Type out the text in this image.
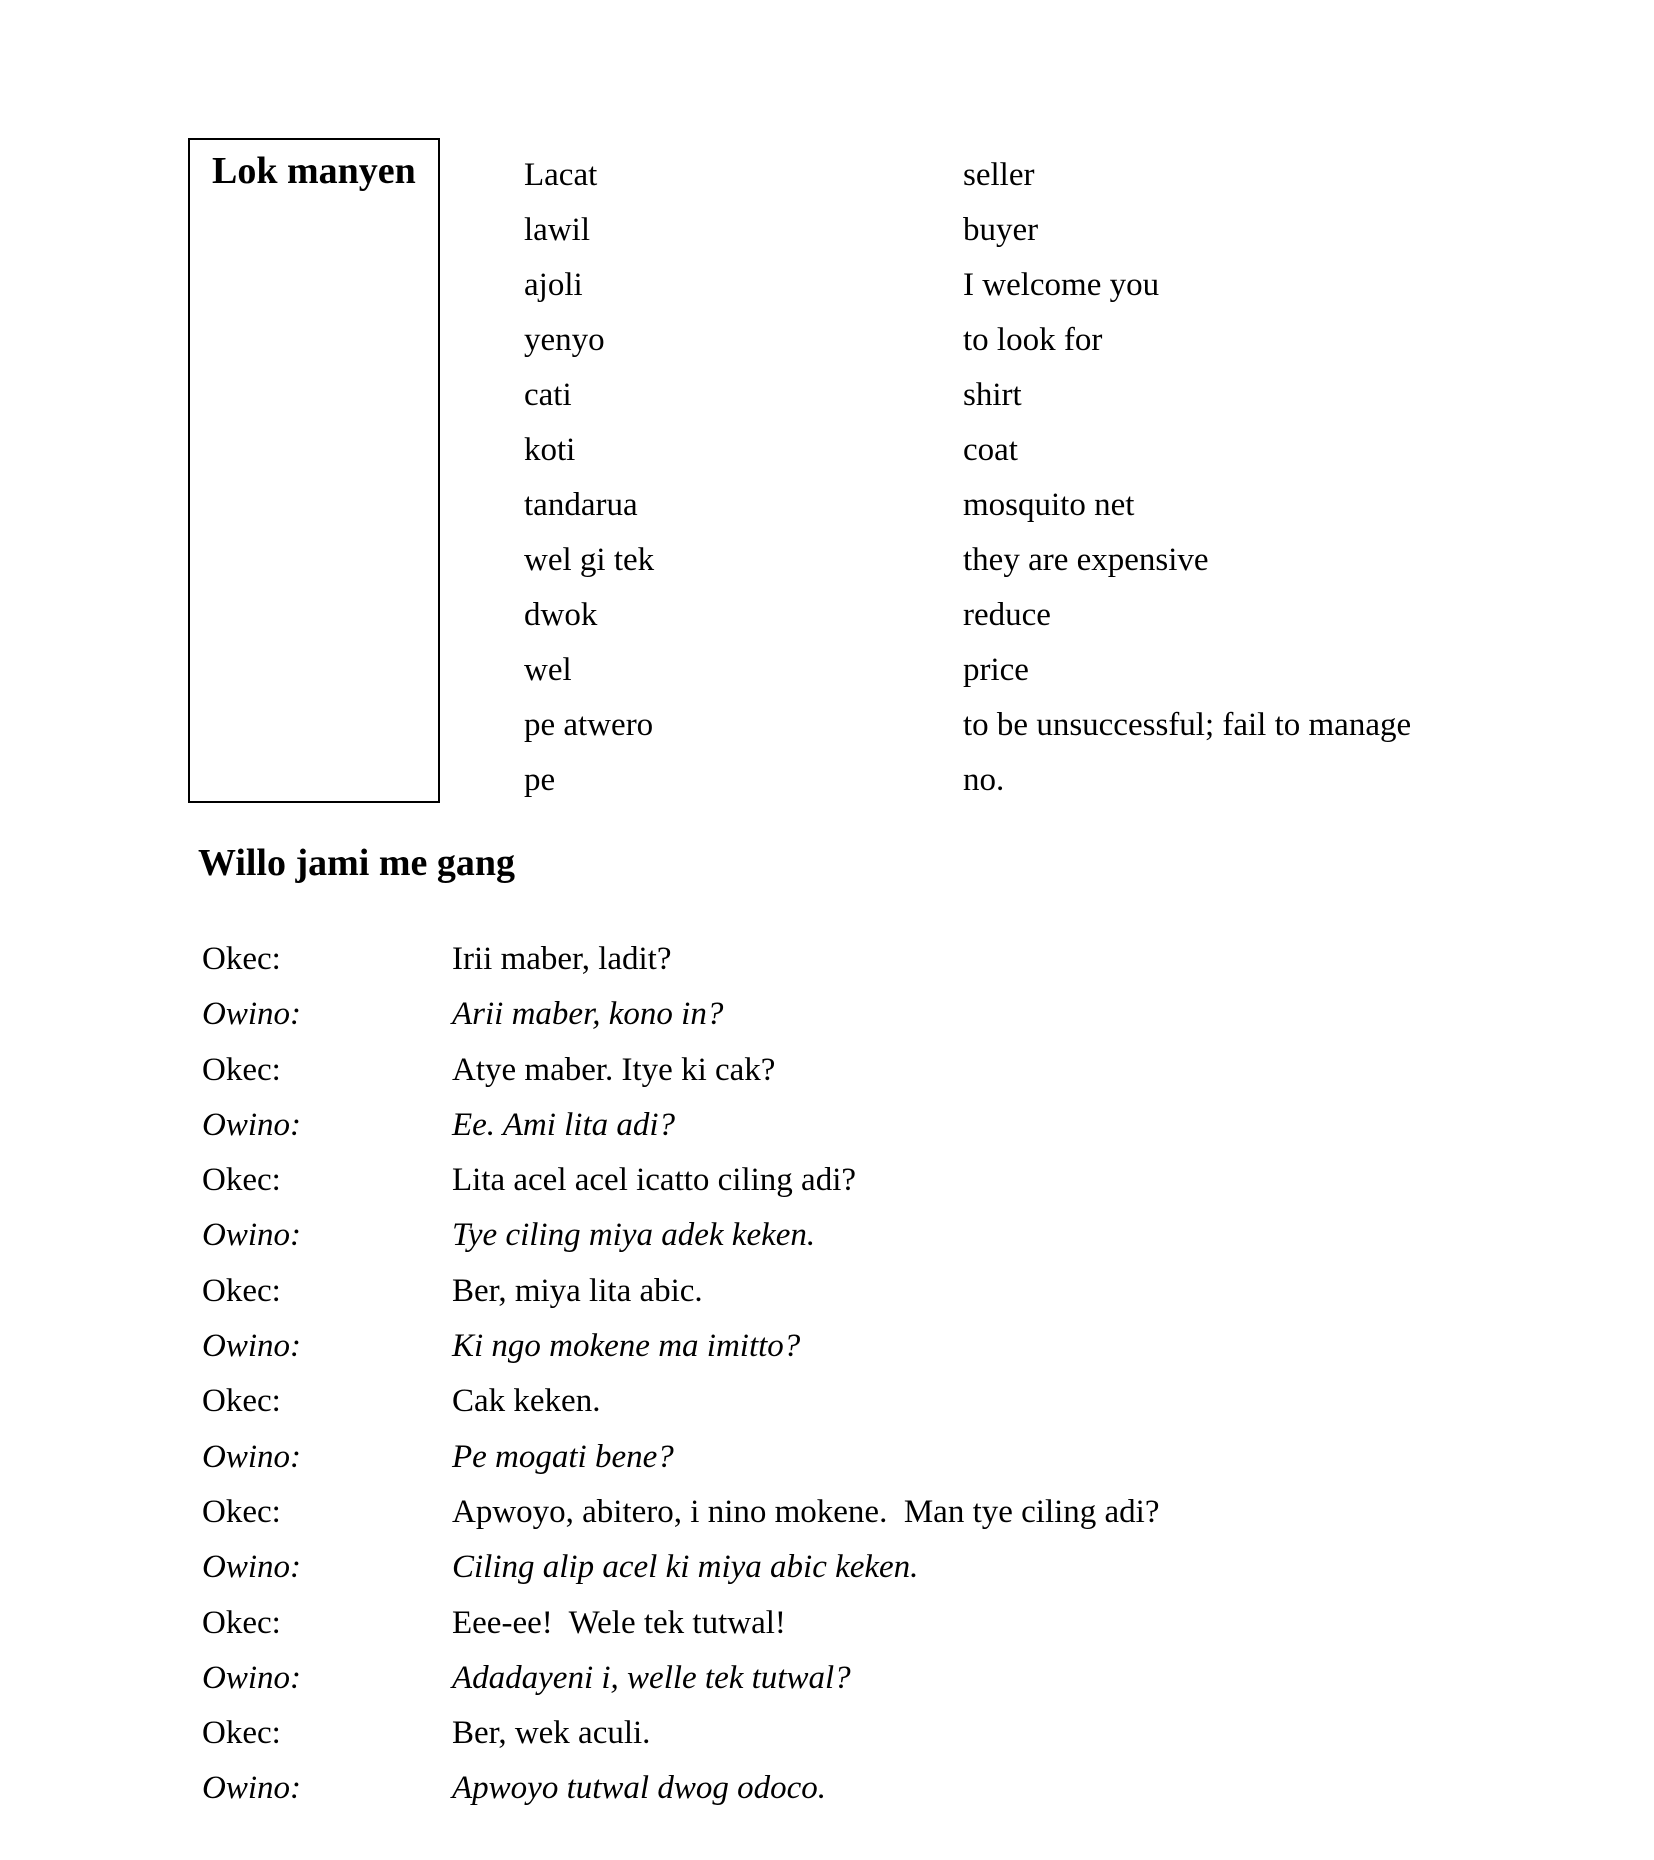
Lok manyen	Lacat	seller
lawil	buyer
ajoli	I welcome you
yenyo	to look for
cati	shirt
koti	coat
tandarua	mosquito net
wel gi tek	they are expensive
dwok	reduce
wel	price
pe atwero	to be unsuccessful; fail to manage
pe	no.
Willo jami me gang
Okec:	Irii maber, ladit?
Owino:	Arii maber, kono in?
Okec:	Atye maber. Itye ki cak?
Owino:	Ee. Ami lita adi?
Okec:	Lita acel acel icatto ciling adi?
Owino:	Tye ciling miya adek keken.
Okec:	Ber, miya lita abic.
Owino:	Ki ngo mokene ma imitto?
Okec:	Cak keken.
Owino:	Pe mogati bene?
Okec:	Apwoyo, abitero, i nino mokene.  Man tye ciling adi?
Owino:	Ciling alip acel ki miya abic keken.
Okec:	Eee-ee!  Wele tek tutwal!
Owino:	Adadayeni i, welle tek tutwal?
Okec:	Ber, wek aculi.
Owino:	Apwoyo tutwal dwog odoco.
